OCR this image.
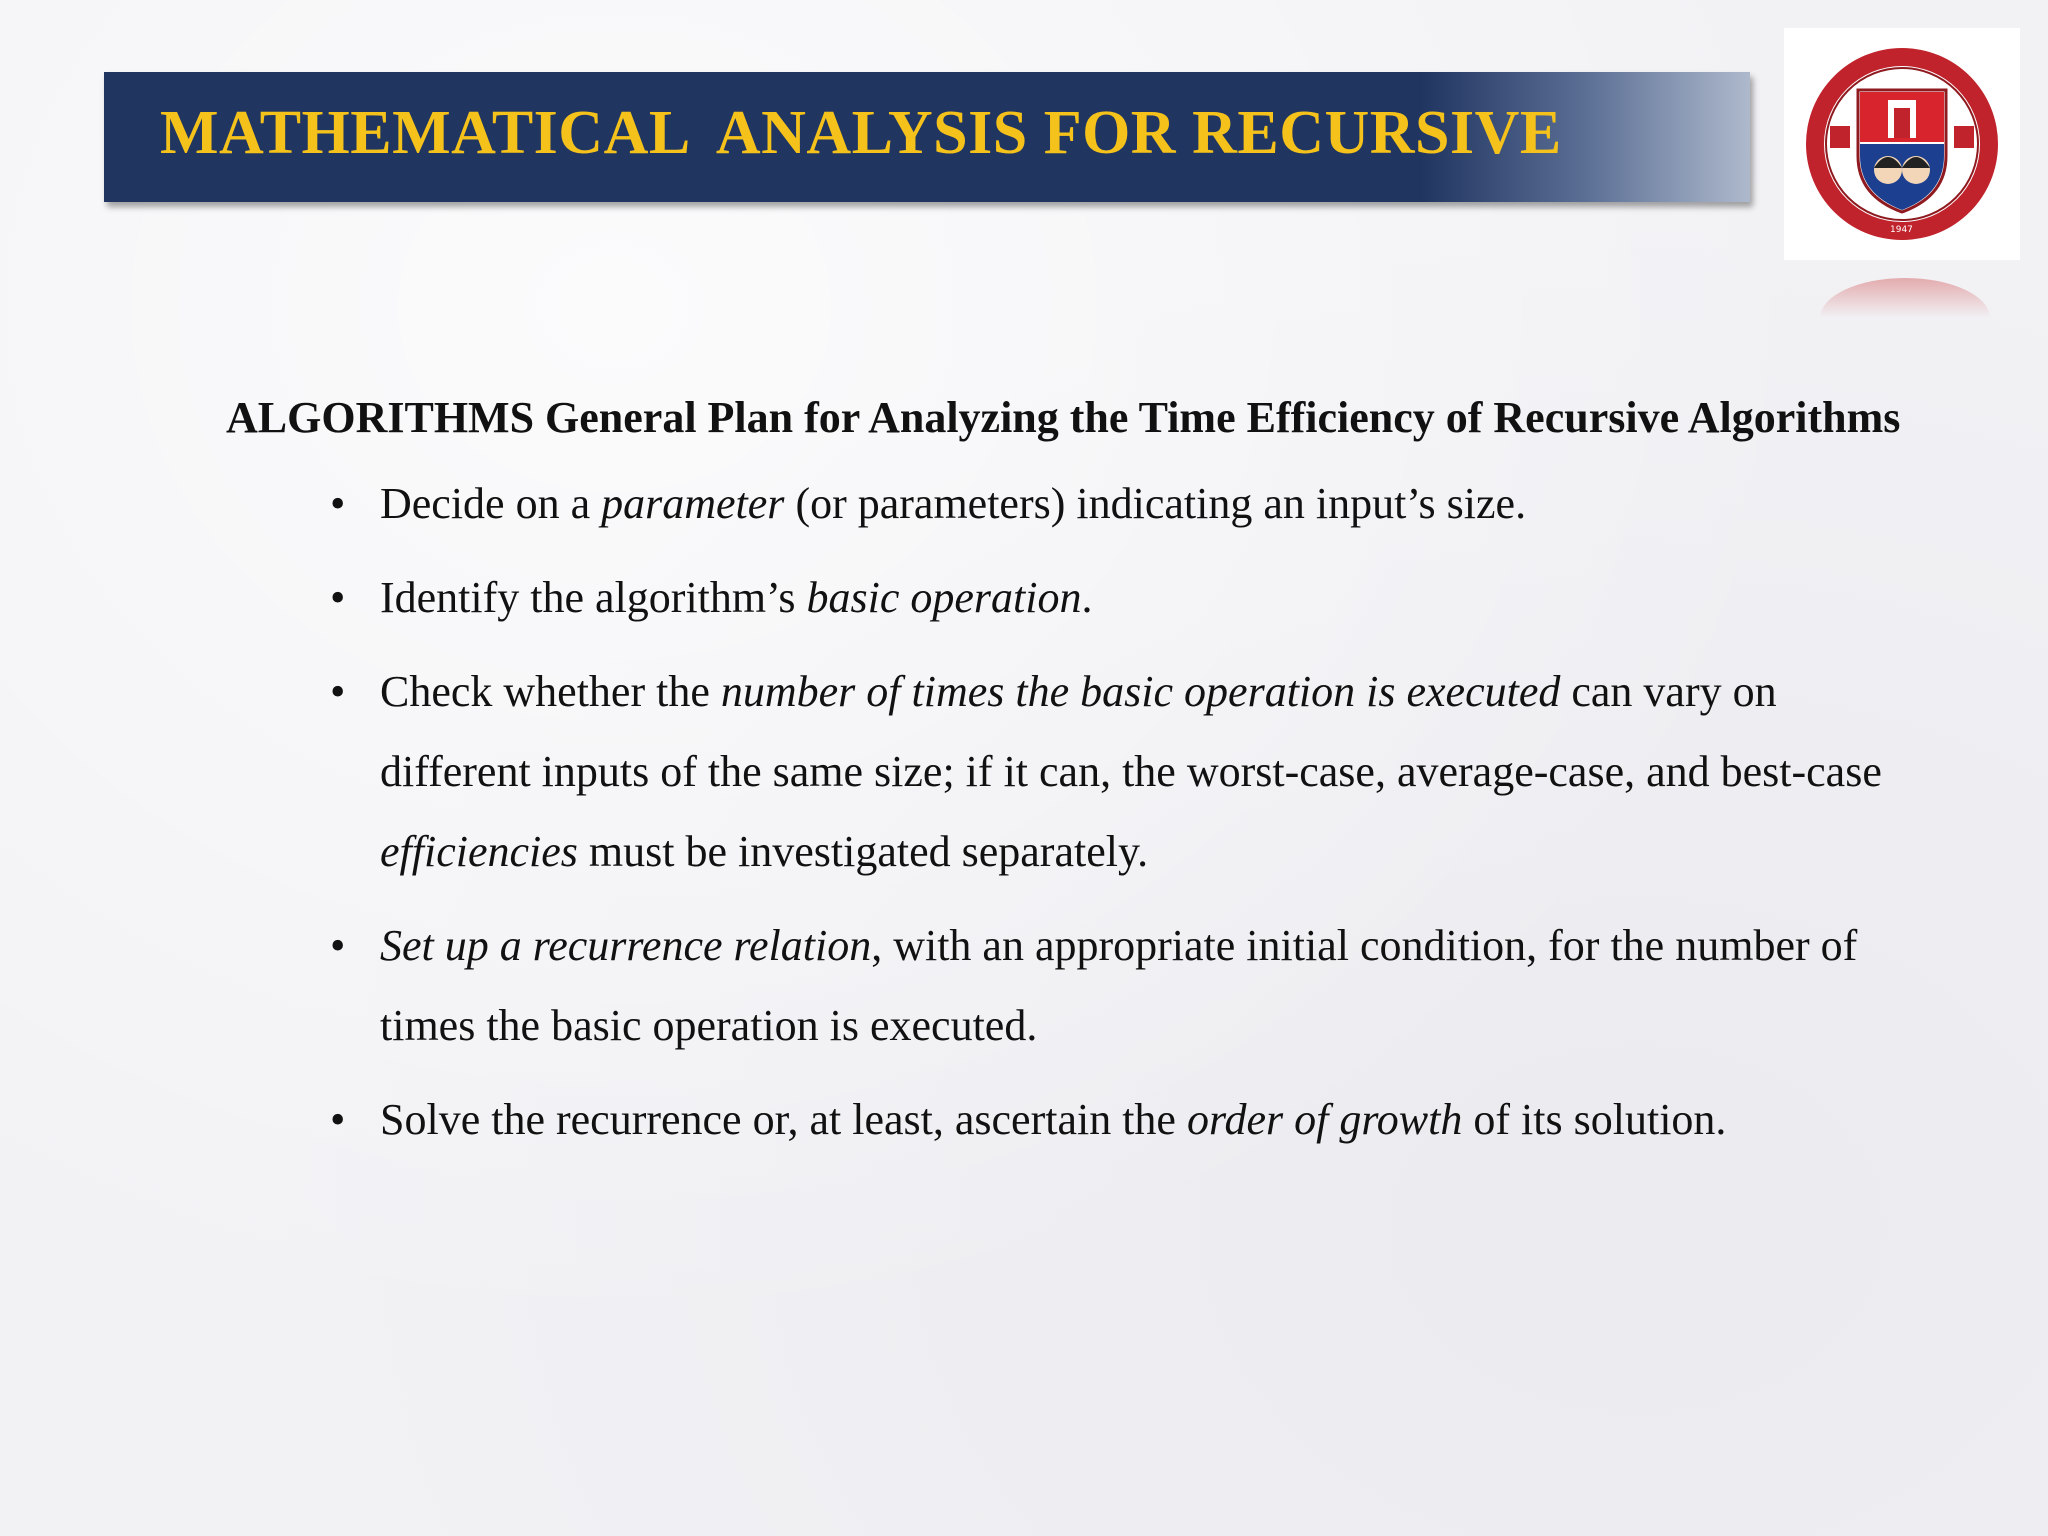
MATHEMATICAL  ANALYSIS FOR RECURSIVE
1947

ALGORITHMS General Plan for Analyzing the Time Efficiency of Recursive Algorithms

• Decide on a parameter (or parameters) indicating an input’s size.
• Identify the algorithm’s basic operation.
• Check whether the number of times the basic operation is executed can vary on different inputs of the same size; if it can, the worst-case, average-case, and best-case efficiencies must be investigated separately.
• Set up a recurrence relation, with an appropriate initial condition, for the number of times the basic operation is executed.
• Solve the recurrence or, at least, ascertain the order of growth of its solution.
